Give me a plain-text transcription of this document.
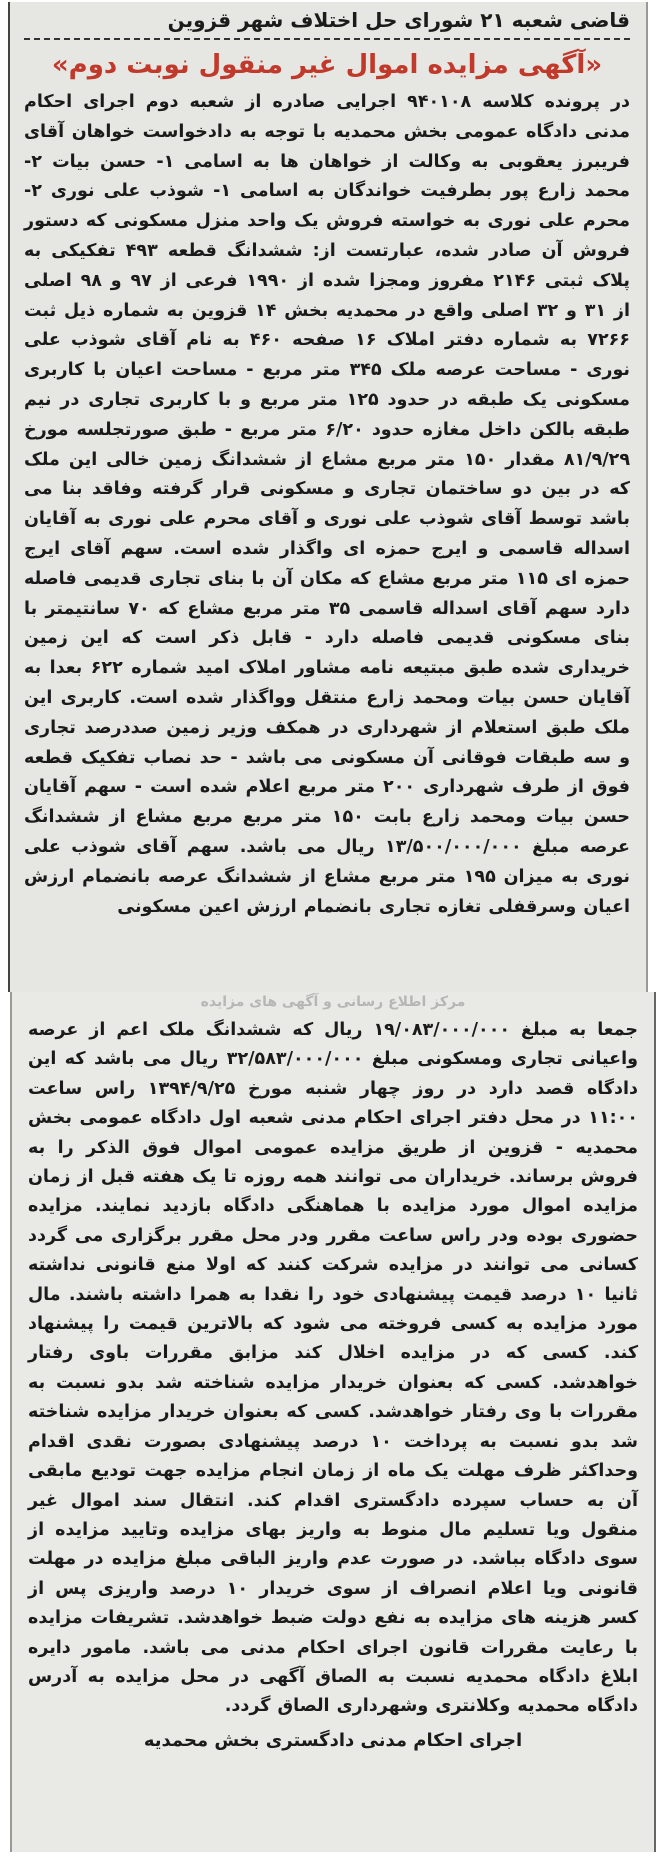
قاضی شعبه ۲۱ شورای حل اختلاف شهر قزوین
«آگهی مزایده اموال غیر منقول نوبت دوم»

در پرونده کلاسه ۹۴۰۱۰۸ اجرایی صادره از شعبه دوم اجرای احکام مدنی دادگاه عمومی بخش محمدیه با توجه به دادخواست خواهان آقای فریبرز یعقوبی به وکالت از خواهان ها به اسامی ۱- حسن بیات ۲- محمد زارع پور بطرفیت خواندگان به اسامی ۱- شوذب علی نوری ۲- محرم علی نوری به خواسته فروش یک واحد منزل مسکونی که دستور فروش آن صادر شده، عبارتست از: ششدانگ قطعه ۴۹۳ تفکیکی به پلاک ثبتی ۲۱۴۶ مفروز ومجزا شده از ۱۹۹۰ فرعی از ۹۷ و ۹۸ اصلی از ۳۱ و ۳۲ اصلی واقع در محمدیه بخش ۱۴ قزوین به شماره ذیل ثبت ۷۲۶۶ به شماره دفتر املاک ۱۶ صفحه ۴۶۰ به نام آقای شوذب علی نوری - مساحت عرصه ملک ۳۴۵ متر مربع - مساحت اعیان با کاربری مسکونی یک طبقه در حدود ۱۲۵ متر مربع و با کاربری تجاری در نیم طبقه بالکن داخل مغازه حدود ۶/۲۰ متر مربع - طبق صورتجلسه مورخ ۸۱/۹/۲۹ مقدار ۱۵۰ متر مربع مشاع از ششدانگ زمین خالی این ملک که در بین دو ساختمان تجاری و مسکونی قرار گرفته وفاقد بنا می باشد توسط آقای شوذب علی نوری و آقای محرم علی نوری به آقایان اسداله قاسمی و ایرج حمزه ای واگذار شده است. سهم آقای ایرج حمزه ای ۱۱۵ متر مربع مشاع که مکان آن با بنای تجاری قدیمی فاصله دارد سهم آقای اسداله قاسمی ۳۵ متر مربع مشاع که ۷۰ سانتیمتر با بنای مسکونی قدیمی فاصله دارد - قابل ذکر است که این زمین خریداری شده طبق مبتیعه نامه مشاور املاک امید شماره ۶۲۲ بعدا به آقایان حسن بیات ومحمد زارع منتقل وواگذار شده است. کاربری این ملک طبق استعلام از شهرداری در همکف وزیر زمین صددرصد تجاری و سه طبقات فوقانی آن مسکونی می باشد - حد نصاب تفکیک قطعه فوق از طرف شهرداری ۲۰۰ متر مربع اعلام شده است - سهم آقایان حسن بیات ومحمد زارع بابت ۱۵۰ متر مربع مربع مشاع از ششدانگ عرصه مبلغ ۱۳/۵۰۰/۰۰۰/۰۰۰ ریال می باشد. سهم آقای شوذب علی نوری به میزان ۱۹۵ متر مربع مشاع از ششدانگ عرصه بانضمام ارزش اعیان وسرقفلی تغازه تجاری بانضمام ارزش اعین مسکونی

مرکز اطلاع رسانی و آگهی های مزایده

جمعا به مبلغ ۱۹/۰۸۳/۰۰۰/۰۰۰ ریال که ششدانگ ملک اعم از عرصه واعیانی تجاری ومسکونی مبلغ ۳۲/۵۸۳/۰۰۰/۰۰۰ ریال می باشد که این دادگاه قصد دارد در روز چهار شنبه مورخ ۱۳۹۴/۹/۲۵ راس ساعت ۱۱:۰۰ در محل دفتر اجرای احکام مدنی شعبه اول دادگاه عمومی بخش محمدیه - قزوین از طریق مزایده عمومی اموال فوق الذکر را به فروش برساند. خریداران می توانند همه روزه تا یک هفته قبل از زمان مزایده اموال مورد مزایده با هماهنگی دادگاه بازدید نمایند. مزایده حضوری بوده ودر راس ساعت مقرر ودر محل مقرر برگزاری می گردد کسانی می توانند در مزایده شرکت کنند که اولا منع قانونی نداشته ثانیا ۱۰ درصد قیمت پیشنهادی خود را نقدا به همرا داشته باشند. مال مورد مزایده به کسی فروخته می شود که بالاترین قیمت را پیشنهاد کند. کسی که در مزایده اخلال کند مزابق مقررات باوی رفتار خواهدشد. کسی که بعنوان خریدار مزایده شناخته شد بدو نسبت به مقررات با وی رفتار خواهدشد. کسی که بعنوان خریدار مزایده شناخته شد بدو نسبت به پرداخت ۱۰ درصد پیشنهادی بصورت نقدی اقدام وحداکثر ظرف مهلت یک ماه از زمان انجام مزایده جهت تودیع مابقی آن به حساب سپرده دادگستری اقدام کند. انتقال سند اموال غیر منقول ویا تسلیم مال منوط به واریز بهای مزایده وتایید مزایده از سوی دادگاه بباشد. در صورت عدم واریز الباقی مبلغ مزایده در مهلت قانونی ویا اعلام انصراف از سوی خریدار ۱۰ درصد واریزی پس از کسر هزینه های مزایده به نفع دولت ضبط خواهدشد. تشریفات مزایده با رعایت مقررات قانون اجرای احکام مدنی می باشد. مامور دایره ابلاغ دادگاه محمدیه نسبت به الصاق آگهی در محل مزایده به آدرس دادگاه محمدیه وکلانتری وشهرداری الصاق گردد.

اجرای احکام مدنی دادگستری بخش محمدیه
